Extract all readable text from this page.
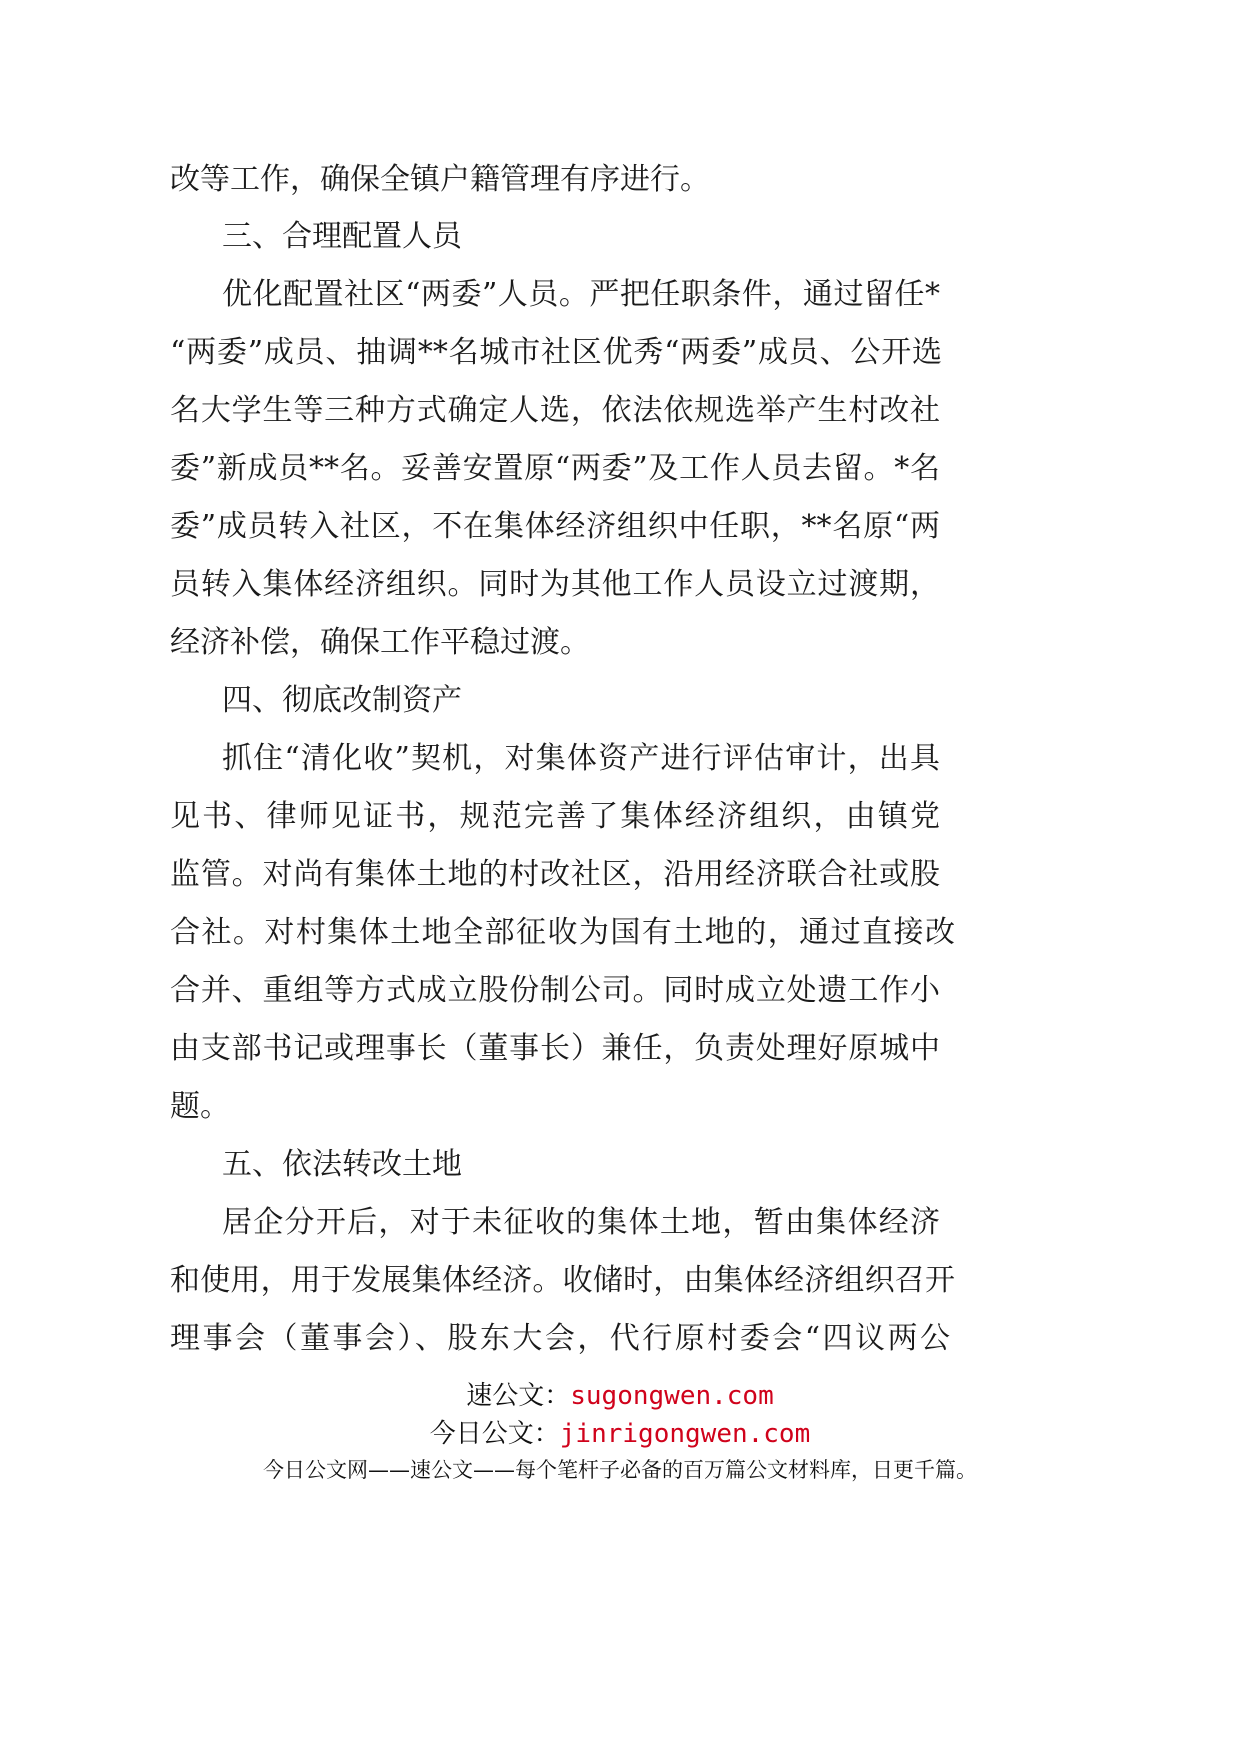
改等工作，确保全镇户籍管理有序进行。
三、合理配置人员
优化配置社区“两委”人员。严把任职条件，通过留任*
“两委”成员、抽调**名城市社区优秀“两委”成员、公开选
名大学生等三种方式确定人选，依法依规选举产生村改社
委”新成员**名。妥善安置原“两委”及工作人员去留。*名
委”成员转入社区，不在集体经济组织中任职，**名原“两
员转入集体经济组织。同时为其他工作人员设立过渡期，
经济补偿，确保工作平稳过渡。
四、彻底改制资产
抓住“清化收”契机，对集体资产进行评估审计，出具
见书、律师见证书，规范完善了集体经济组织，由镇党
监管。对尚有集体土地的村改社区，沿用经济联合社或股
合社。对村集体土地全部征收为国有土地的，通过直接改
合并、重组等方式成立股份制公司。同时成立处遗工作小
由支部书记或理事长（董事长）兼任，负责处理好原城中
题。
五、依法转改土地
居企分开后，对于未征收的集体土地，暂由集体经济
和使用，用于发展集体经济。收储时，由集体经济组织召开
理事会（董事会）、股东大会，代行原村委会“四议两公
速公文：sugongwen.com
今日公文：jinrigongwen.com
今日公文网——速公文——每个笔杆子必备的百万篇公文材料库，日更千篇。
